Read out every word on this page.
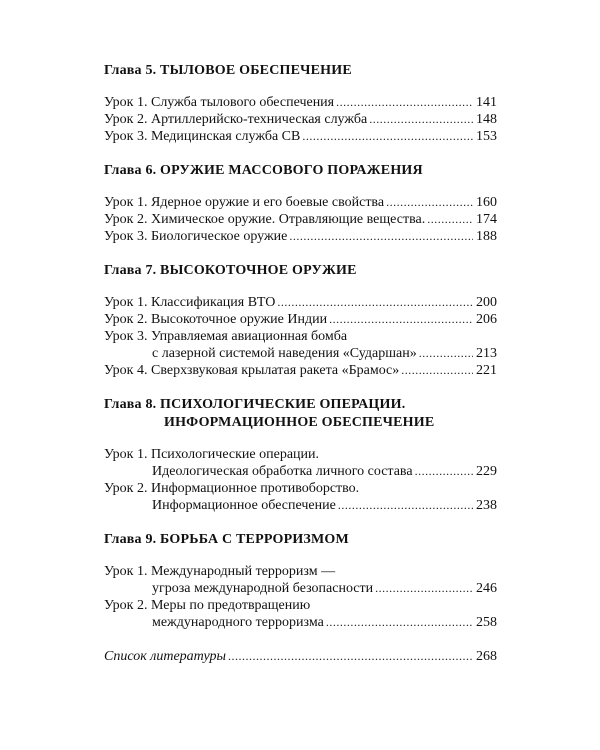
Глава 5. ТЫЛОВОЕ ОБЕСПЕЧЕНИЕ
Урок 1. Служба тылового обеспечения .....	141
Урок 2. Артиллерийско-техническая служба .....	148
Урок 3. Медицинская служба СВ .....	153
Глава 6. ОРУЖИЕ МАССОВОГО ПОРАЖЕНИЯ
Урок 1. Ядерное оружие и его боевые свойства .....	160
Урок 2. Химическое оружие. Отравляющие вещества. .....	174
Урок 3. Биологическое оружие .....	188
Глава 7. ВЫСОКОТОЧНОЕ ОРУЖИЕ
Урок 1. Классификация ВТО .....	200
Урок 2. Высокоточное оружие Индии .....	206
Урок 3. Управляемая авиационная бомба
с лазерной системой наведения «Сударшан» .....	213
Урок 4. Сверхзвуковая крылатая ракета «Брамос» .....	221
Глава 8. ПСИХОЛОГИЧЕСКИЕ ОПЕРАЦИИ.
ИНФОРМАЦИОННОЕ ОБЕСПЕЧЕНИЕ
Урок 1. Психологические операции.
Идеологическая обработка личного состава .....	229
Урок 2. Информационное противоборство.
Информационное обеспечение .....	238
Глава 9. БОРЬБА С ТЕРРОРИЗМОМ
Урок 1. Международный терроризм —
угроза международной безопасности .....	246
Урок 2. Меры по предотвращению
международного терроризма .....	258
Список литературы .....	268
